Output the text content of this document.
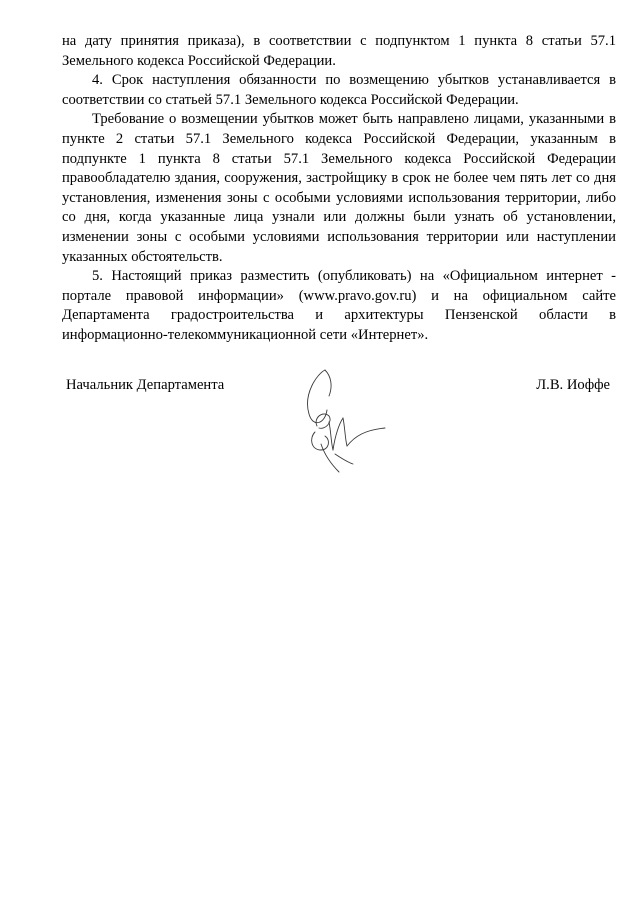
на дату принятия приказа), в соответствии с подпунктом 1 пункта 8 статьи 57.1 Земельного кодекса Российской Федерации.

4. Срок наступления обязанности по возмещению убытков устанавливается в соответствии со статьей 57.1 Земельного кодекса Российской Федерации.

Требование о возмещении убытков может быть направлено лицами, указанными в пункте 2 статьи 57.1 Земельного кодекса Российской Федерации, указанным в подпункте 1 пункта 8 статьи 57.1 Земельного кодекса Российской Федерации правообладателю здания, сооружения, застройщику в срок не более чем пять лет со дня установления, изменения зоны с особыми условиями использования территории, либо со дня, когда указанные лица узнали или должны были узнать об установлении, изменении зоны с особыми условиями использования территории или наступлении указанных обстоятельств.

5. Настоящий приказ разместить (опубликовать) на «Официальном интернет - портале правовой информации» (www.pravo.gov.ru) и на официальном сайте Департамента градостроительства и архитектуры Пензенской области в информационно-телекоммуникационной сети «Интернет».

Начальник Департамента	Л.В. Иоффе
